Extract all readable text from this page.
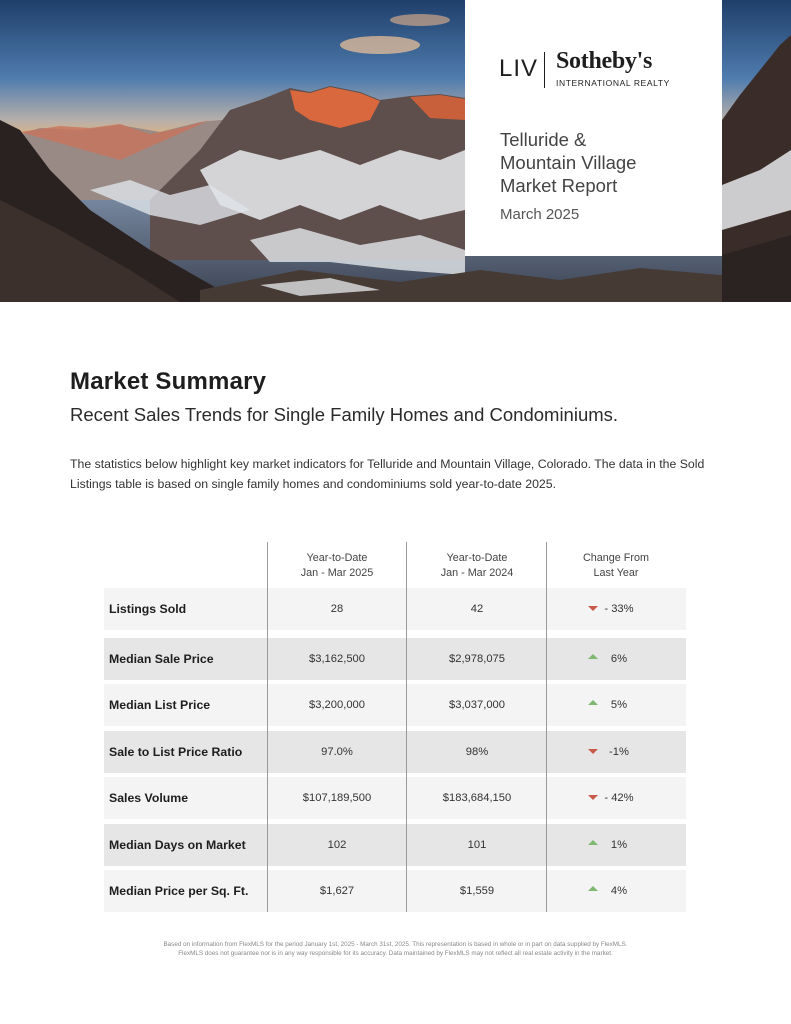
LIV Sotheby's
INTERNATIONAL REALTY
Telluride &
Mountain Village
Market Report
March 2025
Market Summary
Recent Sales Trends for Single Family Homes and Condominiums.
The statistics below highlight key market indicators for Telluride and Mountain Village, Colorado. The data in the Sold Listings table is based on single family homes and condominiums sold year-to-date 2025.
Year-to-Date
Jan - Mar 2025
Year-to-Date
Jan - Mar 2024
Change From
Last Year
Listings Sold	28	42	- 33%
Median Sale Price	$3,162,500	$2,978,075	6%
Median List Price	$3,200,000	$3,037,000	5%
Sale to List Price Ratio	97.0%	98%	-1%
Sales Volume	$107,189,500	$183,684,150	- 42%
Median Days on Market	102	101	1%
Median Price per Sq. Ft.	$1,627	$1,559	4%
Based on information from FlexMLS for the period January 1st, 2025 - March 31st, 2025. This representation is based in whole or in part on data supplied by FlexMLS.
FlexMLS does not guarantee nor is in any way responsible for its accuracy. Data maintained by FlexMLS may not reflect all real estate activity in the market.
